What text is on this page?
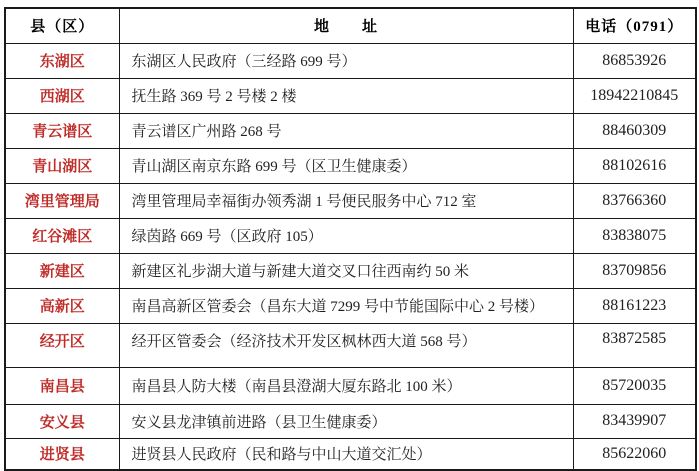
县（区）	地　　址	电话（0791）
东湖区	东湖区人民政府（三经路 699 号）	86853926
西湖区	抚生路 369 号 2 号楼 2 楼	18942210845
青云谱区	青云谱区广州路 268 号	88460309
青山湖区	青山湖区南京东路 699 号（区卫生健康委）	88102616
湾里管理局	湾里管理局幸福街办领秀湖 1 号便民服务中心 712 室	83766360
红谷滩区	绿茵路 669 号（区政府 105）	83838075
新建区	新建区礼步湖大道与新建大道交叉口往西南约 50 米	83709856
高新区	南昌高新区管委会（昌东大道 7299 号中节能国际中心 2 号楼）	88161223
经开区	经开区管委会（经济技术开发区枫林西大道 568 号）	83872585
南昌县	南昌县人防大楼（南昌县澄湖大厦东路北 100 米）	85720035
安义县	安义县龙津镇前进路（县卫生健康委）	83439907
进贤县	进贤县人民政府（民和路与中山大道交汇处）	85622060
